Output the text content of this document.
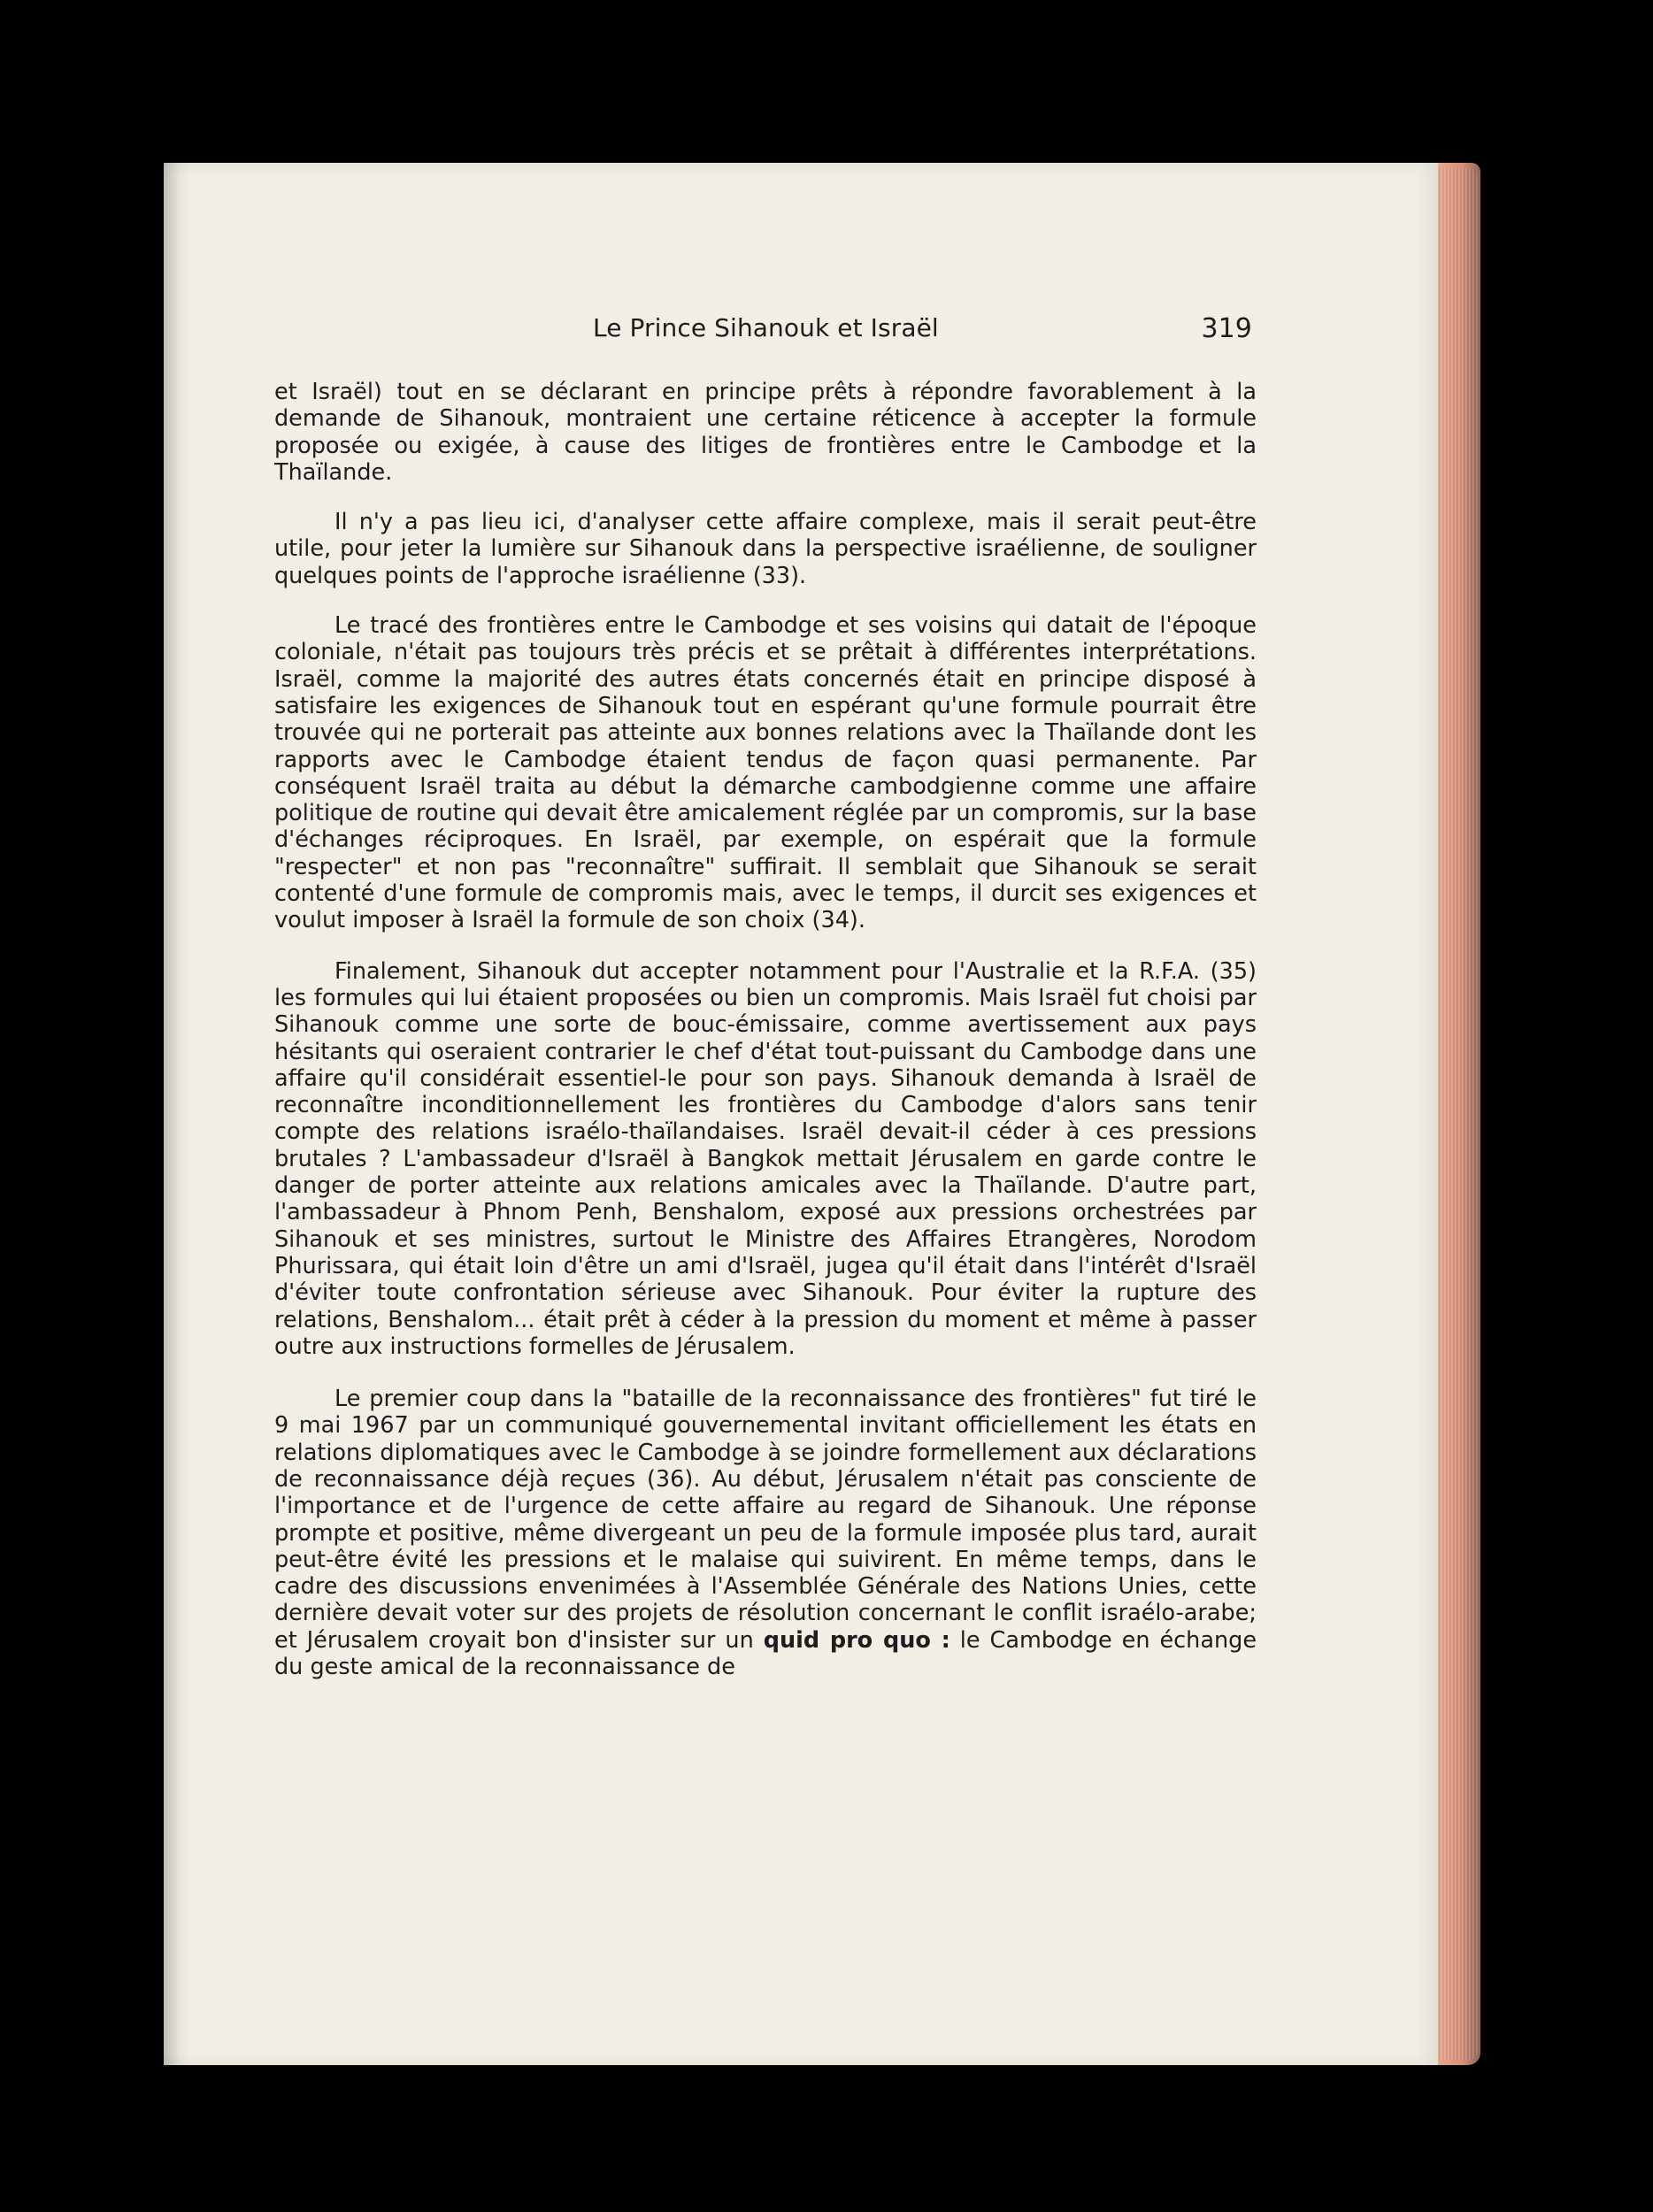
Le Prince Sihanouk et Israël	319

et Israël) tout en se déclarant en principe prêts à répondre favorablement à la demande de Sihanouk, montraient une certaine réticence à accepter la formule proposée ou exigée, à cause des litiges de frontières entre le Cambodge et la Thaïlande.

Il n'y a pas lieu ici, d'analyser cette affaire complexe, mais il serait peut-être utile, pour jeter la lumière sur Sihanouk dans la perspective israélienne, de souligner quelques points de l'approche israélienne (33).

Le tracé des frontières entre le Cambodge et ses voisins qui datait de l'époque coloniale, n'était pas toujours très précis et se prêtait à différentes interprétations. Israël, comme la majorité des autres états concernés était en principe disposé à satisfaire les exigences de Sihanouk tout en espérant qu'une formule pourrait être trouvée qui ne porterait pas atteinte aux bonnes relations avec la Thaïlande dont les rapports avec le Cambodge étaient tendus de façon quasi permanente. Par conséquent Israël traita au début la démarche cambodgienne comme une affaire politique de routine qui devait être amicalement réglée par un compromis, sur la base d'échanges réciproques. En Israël, par exemple, on espérait que la formule "respecter" et non pas "reconnaître" suffirait. Il semblait que Sihanouk se serait contenté d'une formule de compromis mais, avec le temps, il durcit ses exigences et voulut imposer à Israël la formule de son choix (34).

Finalement, Sihanouk dut accepter notamment pour l'Australie et la R.F.A. (35) les formules qui lui étaient proposées ou bien un compromis. Mais Israël fut choisi par Sihanouk comme une sorte de bouc-émissaire, comme avertissement aux pays hésitants qui oseraient contrarier le chef d'état tout-puissant du Cambodge dans une affaire qu'il considérait essentiel-le pour son pays. Sihanouk demanda à Israël de reconnaître inconditionnellement les frontières du Cambodge d'alors sans tenir compte des relations israélo-thaïlandaises. Israël devait-il céder à ces pressions brutales ? L'ambassadeur d'Israël à Bangkok mettait Jérusalem en garde contre le danger de porter atteinte aux relations amicales avec la Thaïlande. D'autre part, l'ambassadeur à Phnom Penh, Benshalom, exposé aux pressions orchestrées par Sihanouk et ses ministres, surtout le Ministre des Affaires Etrangères, Norodom Phurissara, qui était loin d'être un ami d'Israël, jugea qu'il était dans l'intérêt d'Israël d'éviter toute confrontation sérieuse avec Sihanouk. Pour éviter la rupture des relations, Benshalom... était prêt à céder à la pression du moment et même à passer outre aux instructions formelles de Jérusalem.

Le premier coup dans la "bataille de la reconnaissance des frontières" fut tiré le 9 mai 1967 par un communiqué gouvernemental invitant officiellement les états en relations diplomatiques avec le Cambodge à se joindre formellement aux déclarations de reconnaissance déjà reçues (36). Au début, Jérusalem n'était pas consciente de l'importance et de l'urgence de cette affaire au regard de Sihanouk. Une réponse prompte et positive, même divergeant un peu de la formule imposée plus tard, aurait peut-être évité les pressions et le malaise qui suivirent. En même temps, dans le cadre des discussions envenimées à l'Assemblée Générale des Nations Unies, cette dernière devait voter sur des projets de résolution concernant le conflit israélo-arabe; et Jérusalem croyait bon d'insister sur un quid pro quo : le Cambodge en échange du geste amical de la reconnaissance de
